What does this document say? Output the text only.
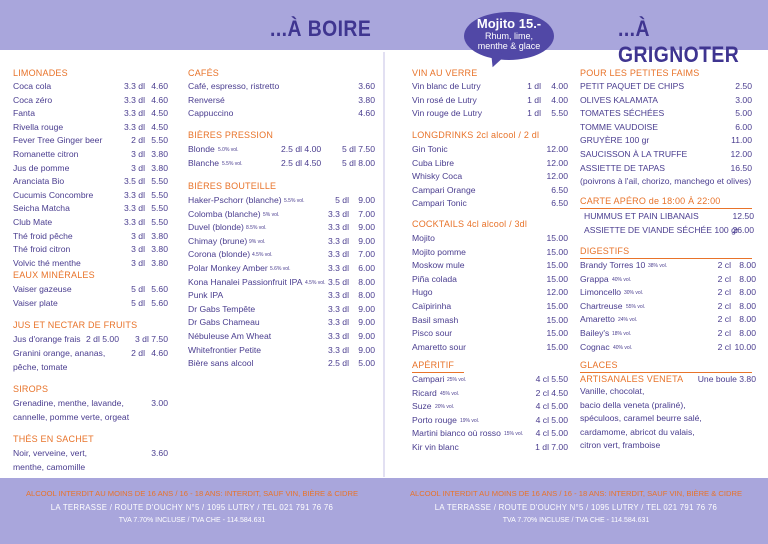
...À BOIRE	...À GRIGNOTER
Mojito 15.-
Rhum, lime,
menthe & glace
LIMONADES
Coca cola	3.3 dl 4.60
Coca zéro	3.3 dl 4.60
Fanta	3.3 dl 4.50
Rivella rouge	3.3 dl 4.50
Fever Tree Ginger beer	2 dl 5.50
Romanette citron	3 dl 3.80
Jus de pomme	3 dl 3.80
Aranciata Bio	3.5 dl 5.50
Cucumis Concombre	3.3 dl 5.50
Seicha Matcha	3.3 dl 5.50
Club Mate	3.3 dl 5.50
Thé froid pêche	3 dl 3.80
Thé froid citron	3 dl 3.80
Volvic thé menthe	3 dl 3.80
EAUX MINÉRALES
Vaiser gazeuse	5 dl 5.60
Vaiser plate	5 dl 5.60
JUS ET NECTAR DE FRUITS
Jus d'orange frais 2 dl 5.00	3 dl 7.50
Granini orange, ananas,	2 dl 4.60
pêche, tomate
SIROPS
Grenadine, menthe, lavande,	3.00
cannelle, pomme verte, orgeat
THÉS EN SACHET
Noir, verveine, vert,	3.60
menthe, camomille
CAFÉS
Café, espresso, ristretto	3.60
Renversé	3.80
Cappuccino	4.60
BIÈRES PRESSION
Blonde 5.0% vol.	2.5 dl 4.00	5 dl 7.50
Blanche 5.5% vol.	2.5 dl 4.50	5 dl 8.00
BIÈRES BOUTEILLE
Haker-Pschorr (blanche) 5.5% vol.	5 dl	9.00
Colomba (blanche) 5% vol.	3.3 dl	7.00
Duvel (blonde) 8.5% vol.	3.3 dl	9.00
Chimay (brune) 9% vol.	3.3 dl	9.00
Corona (blonde) 4.5% vol.	3.3 dl	7.00
Polar Monkey Amber 5.6% vol.	3.3 dl	6.00
Kona Hanalei Passionfruit IPA 4.5% vol. 3.5 dl	8.00
Punk IPA	3.3 dl	8.00
Dr Gabs Tempête	3.3 dl	9.00
Dr Gabs Chameau	3.3 dl	9.00
Nébuleuse Am Wheat	3.3 dl	9.00
Whitefrontier Petite	3.3 dl	9.00
Bière sans alcool	2.5 dl	5.00
VIN AU VERRE
Vin blanc de Lutry	1 dl	4.00
Vin rosé de Lutry	1 dl	4.00
Vin rouge de Lutry	1 dl	5.50
LONGDRINKS 2cl alcool / 2 dl
Gin Tonic	12.00
Cuba Libre	12.00
Whisky Coca	12.00
Campari Orange	6.50
Campari Tonic	6.50
COCKTAILS 4cl alcool / 3dl
Mojito	15.00
Mojito pomme	15.00
Moskow mule	15.00
Piña colada	15.00
Hugo	12.00
Caïpirinha	15.00
Basil smash	15.00
Pisco sour	15.00
Amaretto sour	15.00
APÉRITIF
Campari 25% vol.	4 cl 5.50
Ricard 45% vol.	2 cl 4.50
Suze 20% vol.	4 cl 5.00
Porto rouge 19% vol.	4 cl 5.00
Martini bianco où rosso 15% vol.	4 cl 5.00
Kir vin blanc	1 dl 7.00
POUR LES PETITES FAIMS
PETIT PAQUET DE CHIPS	2.50
OLIVES KALAMATA	3.00
TOMATES SÉCHÉES	5.00
TOMME VAUDOISE	6.00
GRUYÈRE 100 gr	11.00
SAUCISSON À LA TRUFFE	12.00
ASSIETTE DE TAPAS	16.50
(poivrons à l'ail, chorizo, manchego et olives)
CARTE APÉRO de 18:00 À 22:00
HUMMUS ET PAIN LIBANAIS	12.50
ASSIETTE DE VIANDE SÉCHÉE 100 gr
26.00
DIGESTIFS
Brandy Torres 10 38% vol.	2 cl 8.00
Grappa 40% vol.	2 cl 8.00
Limoncello 30% vol.	2 cl 8.00
Chartreuse 55% vol.	2 cl 8.00
Amaretto 24% vol.	2 cl 8.00
Bailey's 18% vol.	2 cl 8.00
Cognac 40% vol.	2 cl 10.00
GLACES
ARTISANALES VENETA Une boule 3.80
Vanille, chocolat,
bacio della veneta (praliné),
spéculoos, caramel beurre salé,
cardamome, abricot du valais,
citron vert, framboise
ALCOOL INTERDIT AU MOINS DE 16 ANS / 16 - 18 ANS: INTERDIT, SAUF VIN, BIÈRE & CIDRE
LA TERRASSE / ROUTE D'OUCHY N°5 / 1095 LUTRY / TEL 021 791 76 76
TVA 7.70% INCLUSE / TVA CHE - 114.584.631
ALCOOL INTERDIT AU MOINS DE 16 ANS / 16 - 18 ANS: INTERDIT, SAUF VIN, BIÈRE & CIDRE
LA TERRASSE / ROUTE D'OUCHY N°5 / 1095 LUTRY / TEL 021 791 76 76
TVA 7.70% INCLUSE / TVA CHE - 114.584.631
